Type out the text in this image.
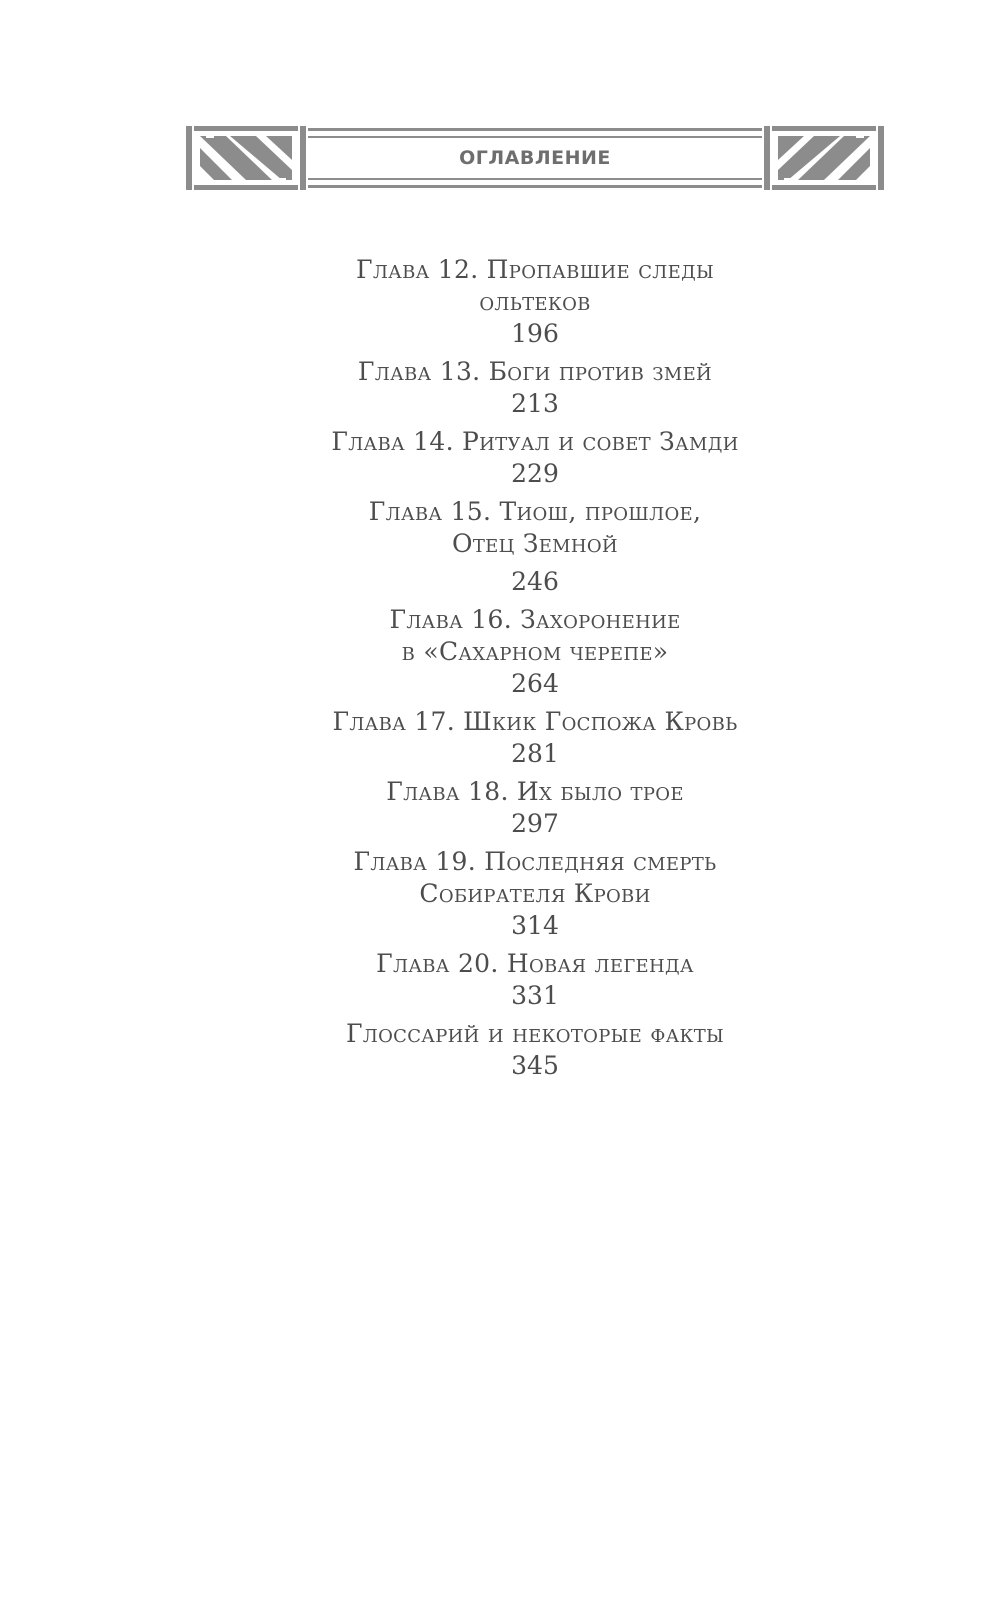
ОГЛАВЛЕНИЕ
Глава 12. Пропавшие следы
ольтеков
196
Глава 13. Боги против змей
213
Глава 14. Ритуал и совет Замди
229
Глава 15. Тиош, прошлое,
Отец Земной
246
Глава 16. Захоронение
в «Сахарном черепе»
264
Глава 17. Шкик Госпожа Кровь
281
Глава 18. Их было трое
297
Глава 19. Последняя смерть
Собирателя Крови
314
Глава 20. Новая легенда
331
Глоссарий и некоторые факты
345
